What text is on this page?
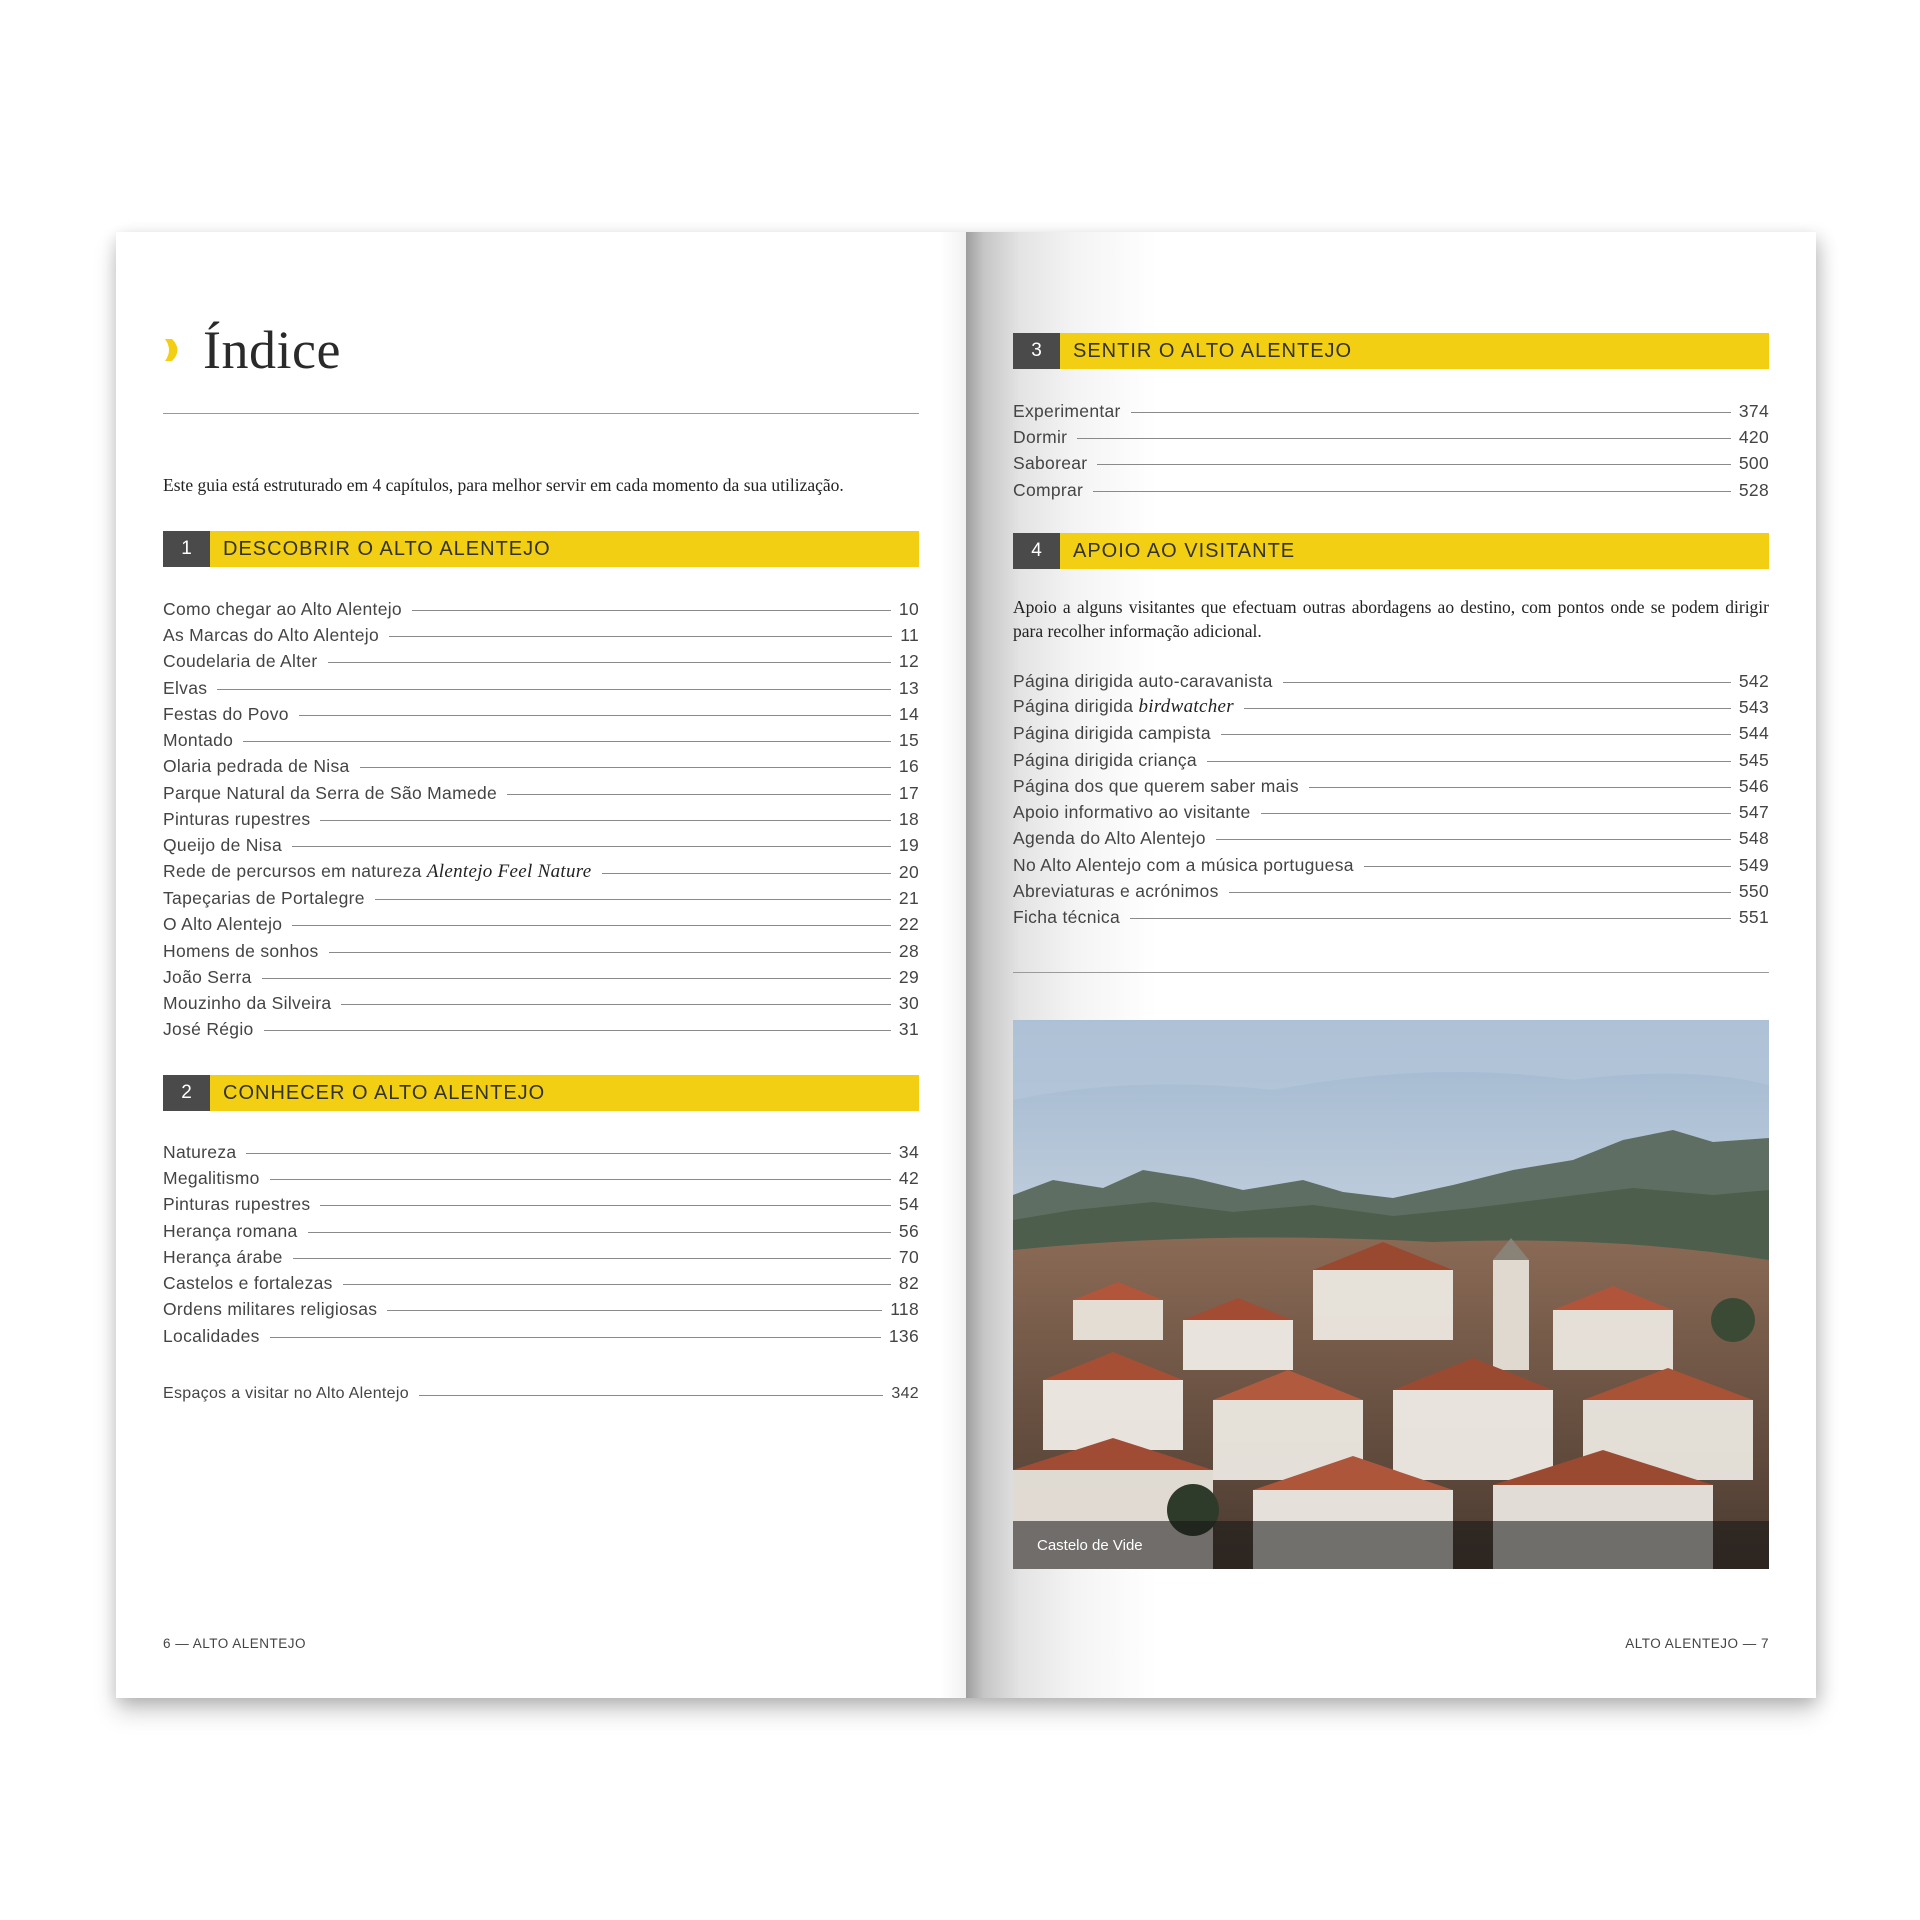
Índice
Este guia está estruturado em 4 capítulos, para melhor servir em cada momento da sua utilização.
1	DESCOBRIR O ALTO ALENTEJO
Como chegar ao Alto Alentejo	10
As Marcas do Alto Alentejo	11
Coudelaria de Alter	12
Elvas	13
Festas do Povo	14
Montado	15
Olaria pedrada de Nisa	16
Parque Natural da Serra de São Mamede	17
Pinturas rupestres	18
Queijo de Nisa	19
Rede de percursos em natureza Alentejo Feel Nature	20
Tapeçarias de Portalegre	21
O Alto Alentejo	22
Homens de sonhos	28
João Serra	29
Mouzinho da Silveira	30
José Régio	31
2	CONHECER O ALTO ALENTEJO
Natureza	34
Megalitismo	42
Pinturas rupestres	54
Herança romana	56
Herança árabe	70
Castelos e fortalezas	82
Ordens militares religiosas	118
Localidades	136
Espaços a visitar no Alto Alentejo	342
6 — ALTO ALENTEJO
3	SENTIR O ALTO ALENTEJO
Experimentar	374
Dormir	420
Saborear	500
Comprar	528
4	APOIO AO VISITANTE
Apoio a alguns visitantes que efectuam outras abordagens ao destino, com pontos onde se podem dirigir para recolher informação adicional.
Página dirigida auto-caravanista	542
Página dirigida birdwatcher	543
Página dirigida campista	544
Página dirigida criança	545
Página dos que querem saber mais	546
Apoio informativo ao visitante	547
Agenda do Alto Alentejo	548
No Alto Alentejo com a música portuguesa	549
Abreviaturas e acrónimos	550
Ficha técnica	551
Castelo de Vide
ALTO ALENTEJO — 7
